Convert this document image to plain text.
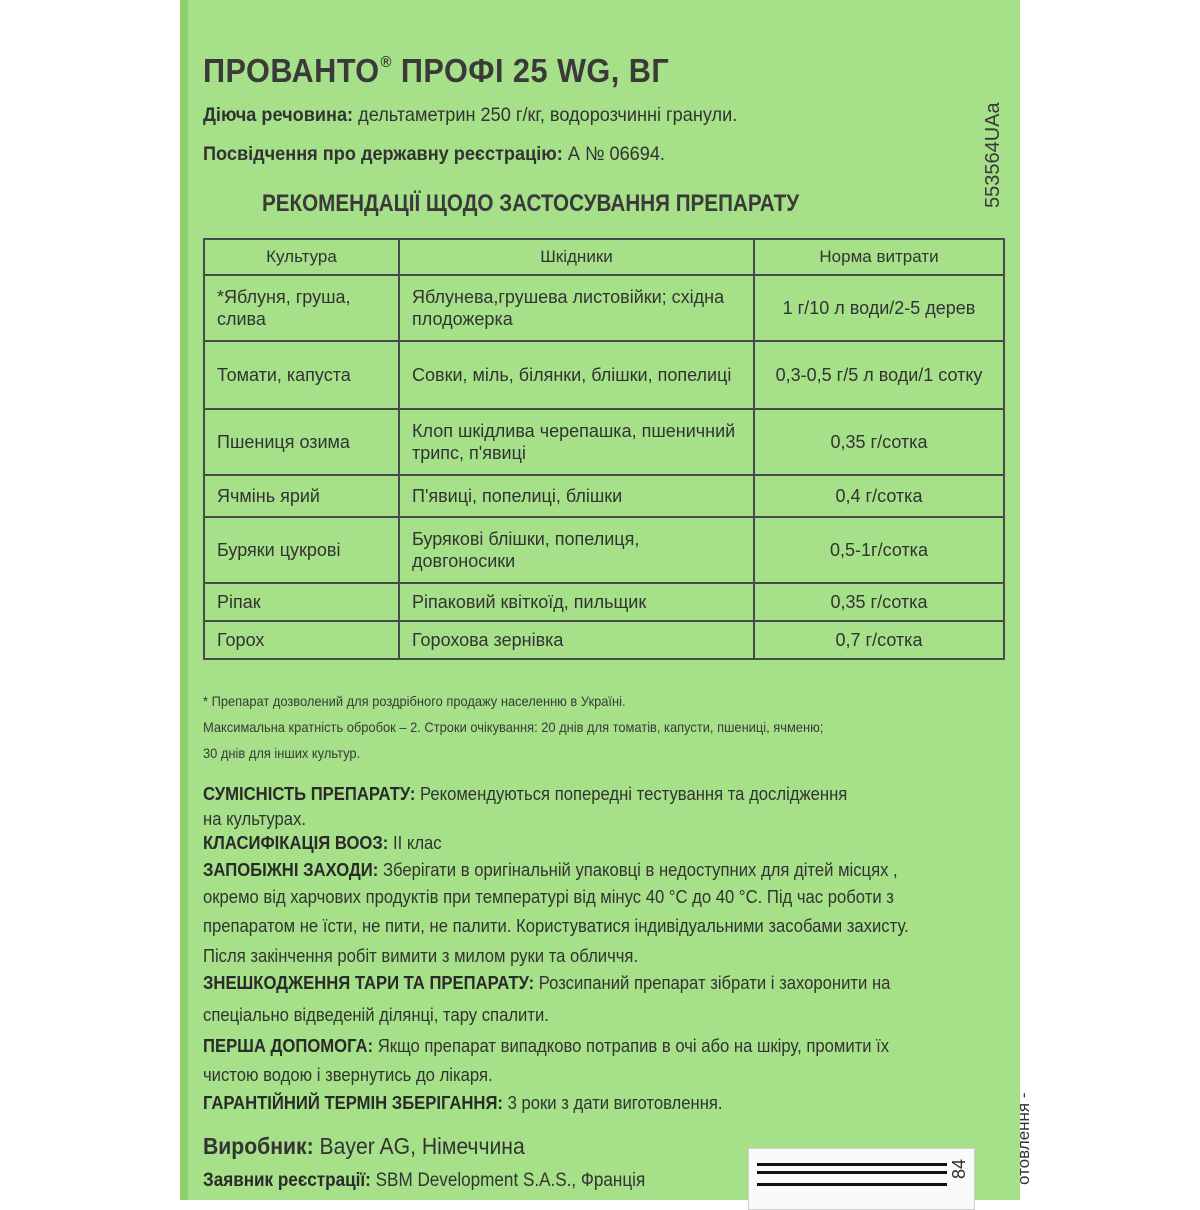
ПРОВАНТО® ПРОФІ 25 WG, ВГ
Діюча речовина: дельтаметрин 250 г/кг, водорозчинні гранули.
Посвідчення про державну реєстрацію: А № 06694.	553564UAa
РЕКОМЕНДАЦІЇ ЩОДО ЗАСТОСУВАННЯ ПРЕПАРАТУ
Культура	Шкідники	Норма витрати
*Яблуня, груша, слива	Яблунева,грушева листовійки; східна плодожерка	1 г/10 л води/2-5 дерев
Томати, капуста	Совки, міль, білянки, блішки, попелиці	0,3-0,5 г/5 л води/1 сотку
Пшениця озима	Клоп шкідлива черепашка, пшеничний трипс, п'явиці	0,35 г/сотка
Ячмінь ярий	П'явиці, попелиці, блішки	0,4 г/сотка
Буряки цукрові	Бурякові блішки, попелиця, довгоносики	0,5-1г/сотка
Ріпак	Ріпаковий квіткоїд, пильщик	0,35 г/сотка
Горох	Горохова зернівка	0,7 г/сотка
* Препарат дозволений для роздрібного продажу населенню в Україні.
Максимальна кратність обробок – 2. Строки очікування: 20 днів для томатів, капусти, пшениці, ячменю;
30 днів для інших культур.
СУМІСНІСТЬ ПРЕПАРАТУ: Рекомендуються попередні тестування та дослідження
на культурах.
КЛАСИФІКАЦІЯ ВООЗ: ІІ клас
ЗАПОБІЖНІ ЗАХОДИ: Зберігати в оригінальній упаковці в недоступних для дітей місцях ,
окремо від харчових продуктів при температурі від мінус 40 °С до 40 °С. Під час роботи з
препаратом не їсти, не пити, не палити. Користуватися індивідуальними засобами захисту.
Після закінчення робіт вимити з милом руки та обличчя.
ЗНЕШКОДЖЕННЯ ТАРИ ТА ПРЕПАРАТУ: Розсипаний препарат зібрати і захоронити на
спеціально відведеній ділянці, тару спалити.
ПЕРША ДОПОМОГА: Якщо препарат випадково потрапив в очі або на шкіру, промити їх
чистою водою і звернутись до лікаря.
ГАРАНТІЙНИЙ ТЕРМІН ЗБЕРІГАННЯ: 3 роки з дати виготовлення.
Виробник: Bayer AG, Німеччина
Заявник реєстрації: SBM Development S.A.S., Франція
84	отовлення -
